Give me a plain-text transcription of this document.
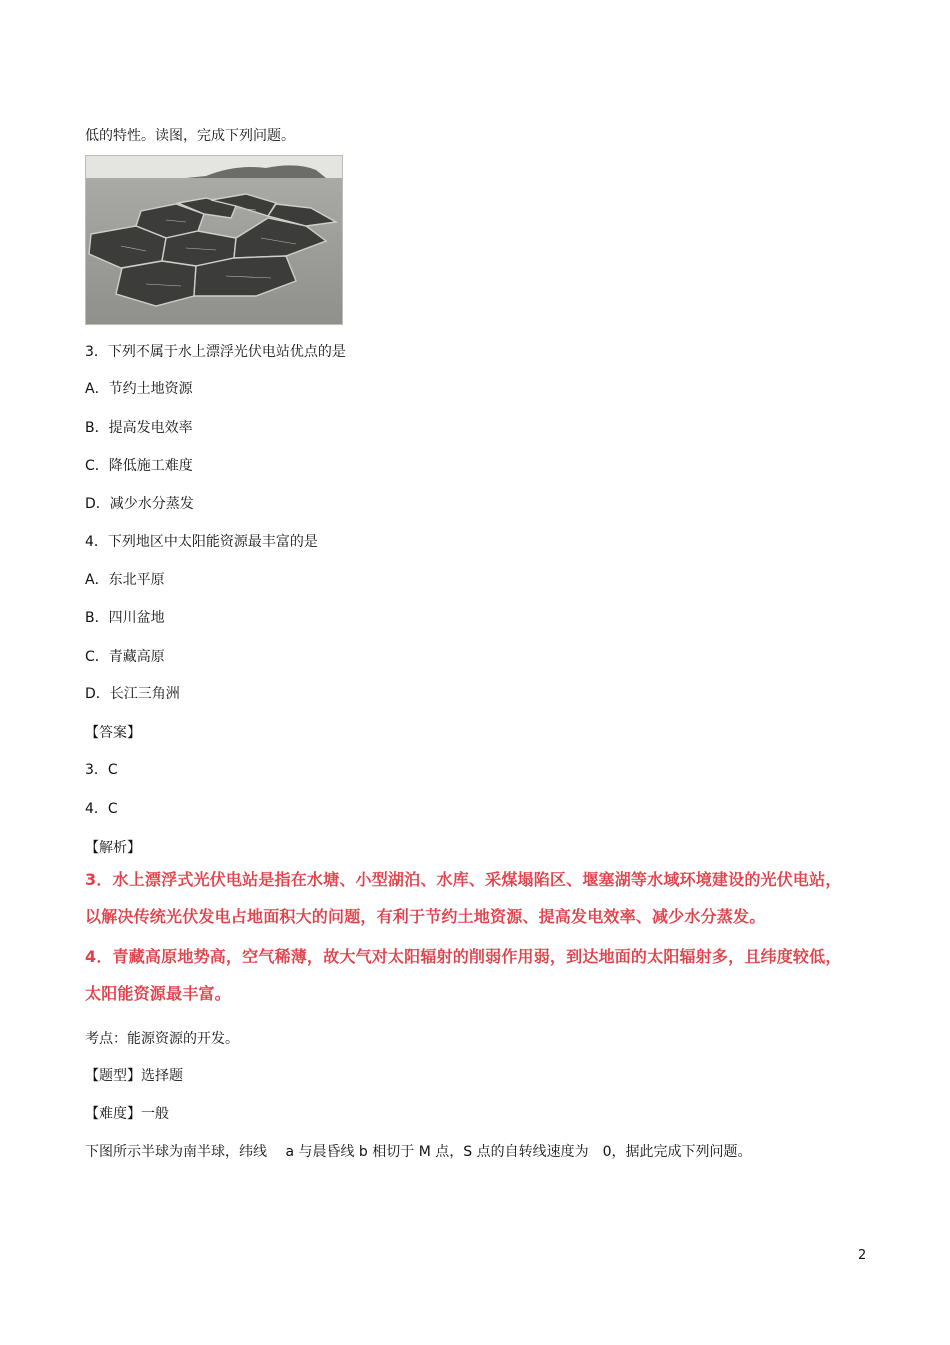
低的特性。读图，完成下列问题。
3．下列不属于水上漂浮光伏电站优点的是
A．节约土地资源
B．提高发电效率
C．降低施工难度
D．减少水分蒸发
4．下列地区中太阳能资源最丰富的是
A．东北平原
B．四川盆地
C．青藏高原
D．长江三角洲
【答案】
3．C
4．C
【解析】
3．水上漂浮式光伏电站是指在水塘、小型湖泊、水库、采煤塌陷区、堰塞湖等水域环境建设的光伏电站，
以解决传统光伏发电占地面积大的问题，有利于节约土地资源、提高发电效率、减少水分蒸发。
4．青藏高原地势高，空气稀薄，故大气对太阳辐射的削弱作用弱，到达地面的太阳辐射多，且纬度较低，
太阳能资源最丰富。
考点：能源资源的开发。
【题型】选择题
【难度】一般
下图所示半球为南半球，纬线　 a 与晨昏线 b 相切于 M 点，S 点的自转线速度为　0，据此完成下列问题。
2
